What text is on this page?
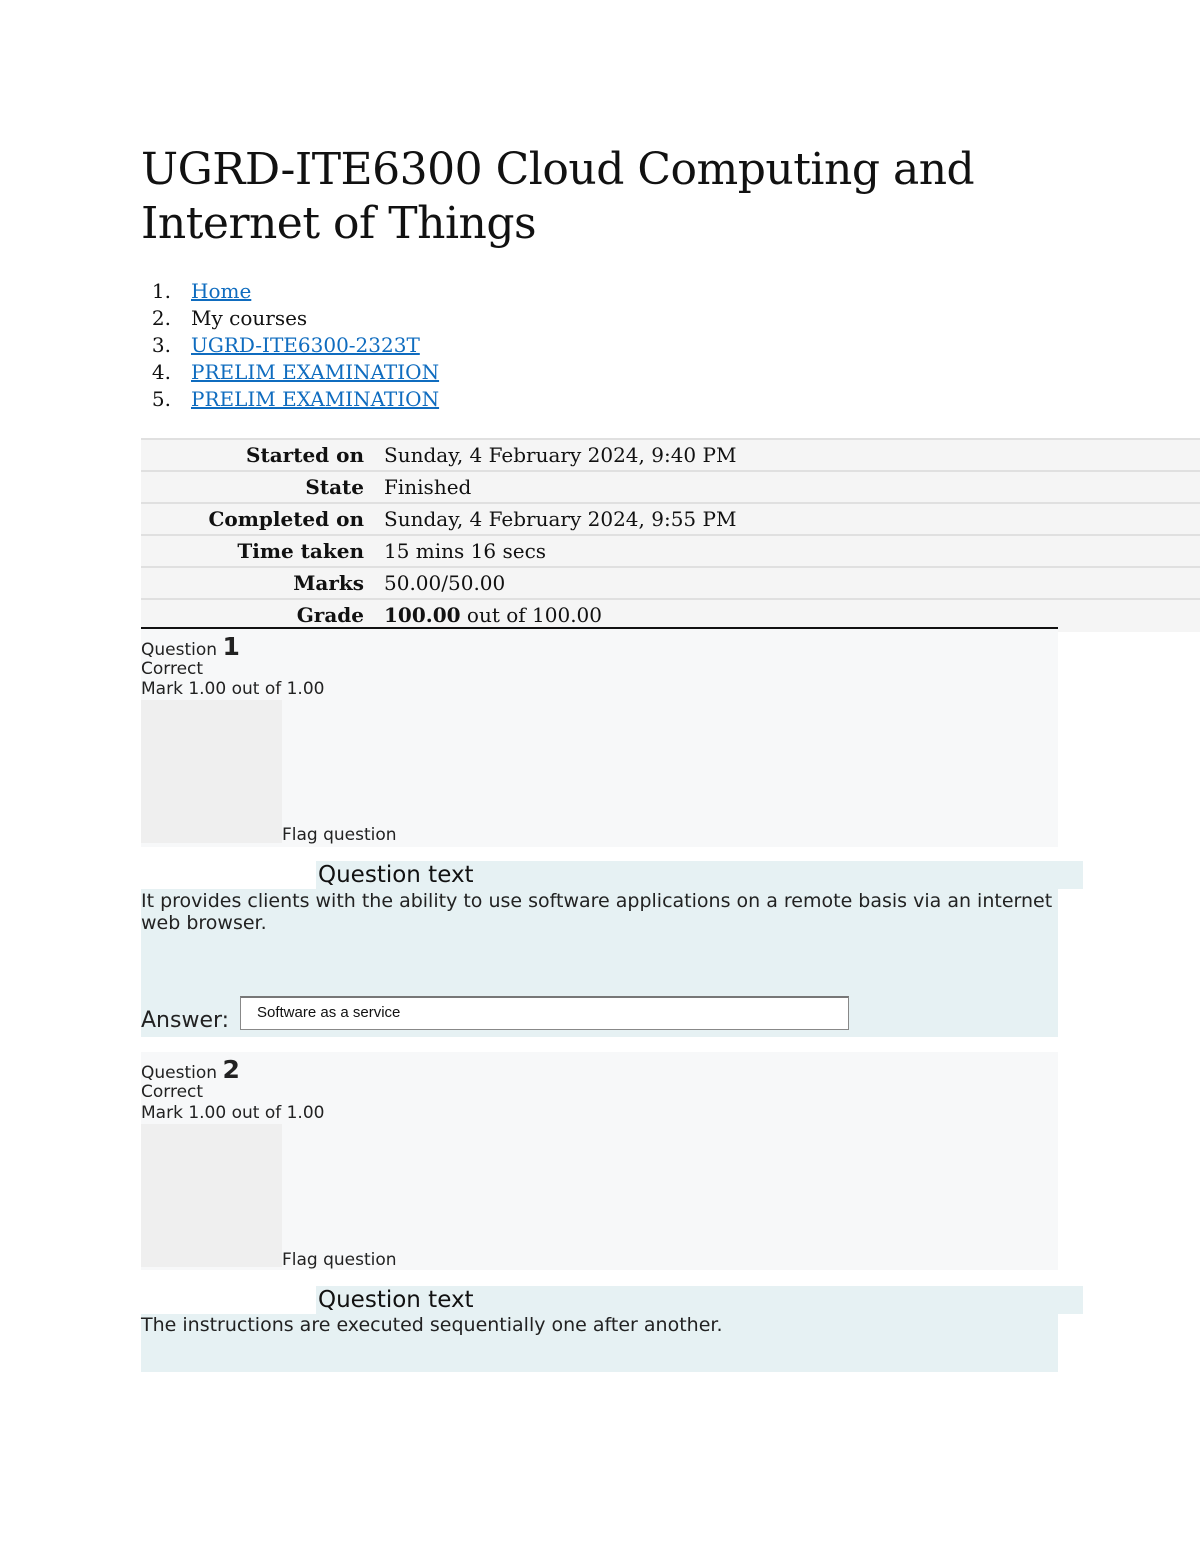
UGRD-ITE6300 Cloud Computing and Internet of Things
1.	Home
2.	My courses
3.	UGRD-ITE6300-2323T
4.	PRELIM EXAMINATION
5.	PRELIM EXAMINATION
Started on	Sunday, 4 February 2024, 9:40 PM
State	Finished
Completed on	Sunday, 4 February 2024, 9:55 PM
Time taken	15 mins 16 secs
Marks	50.00/50.00
Grade	100.00 out of 100.00
Question 1
Correct
Mark 1.00 out of 1.00
Flag question
Question text
It provides clients with the ability to use software applications on a remote basis via an internet web browser.
Answer:	Software as a service
Question 2
Correct
Mark 1.00 out of 1.00
Flag question
Question text
The instructions are executed sequentially one after another.
